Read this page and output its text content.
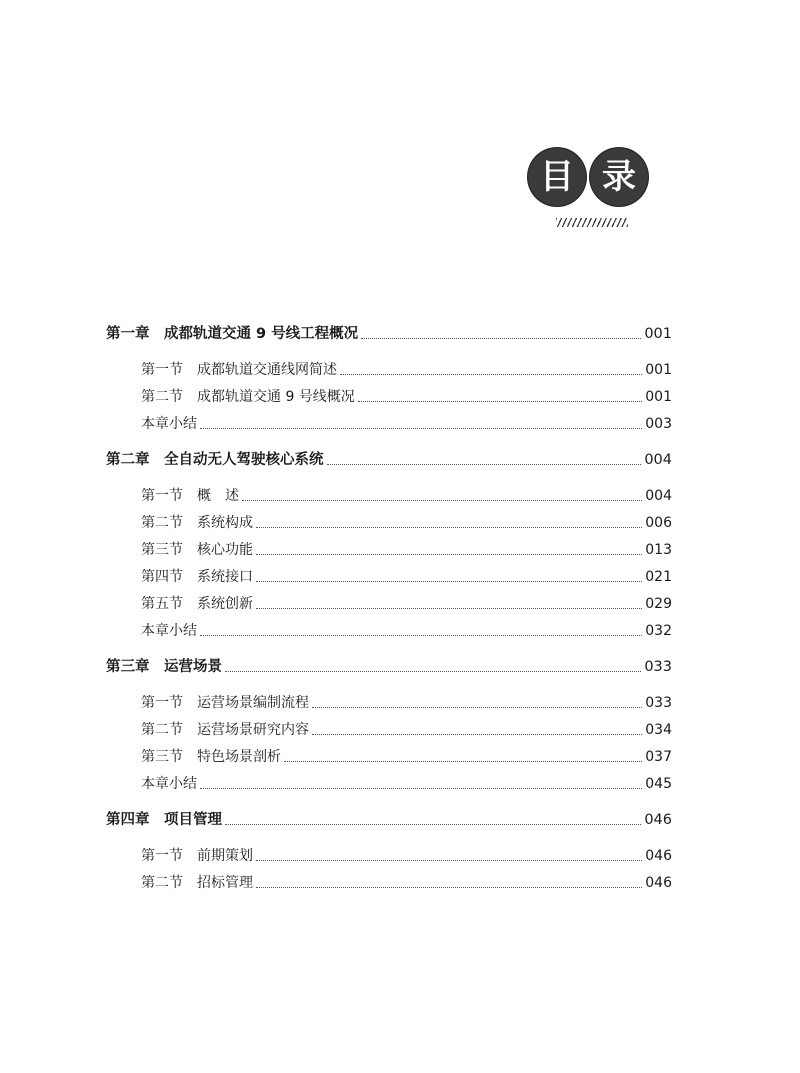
目 录
第一章　成都轨道交通 9 号线工程概况	001
第一节　成都轨道交通线网简述	001
第二节　成都轨道交通 9 号线概况	001
本章小结	003
第二章　全自动无人驾驶核心系统	004
第一节　概　述	004
第二节　系统构成	006
第三节　核心功能	013
第四节　系统接口	021
第五节　系统创新	029
本章小结	032
第三章　运营场景	033
第一节　运营场景编制流程	033
第二节　运营场景研究内容	034
第三节　特色场景剖析	037
本章小结	045
第四章　项目管理	046
第一节　前期策划	046
第二节　招标管理	046
